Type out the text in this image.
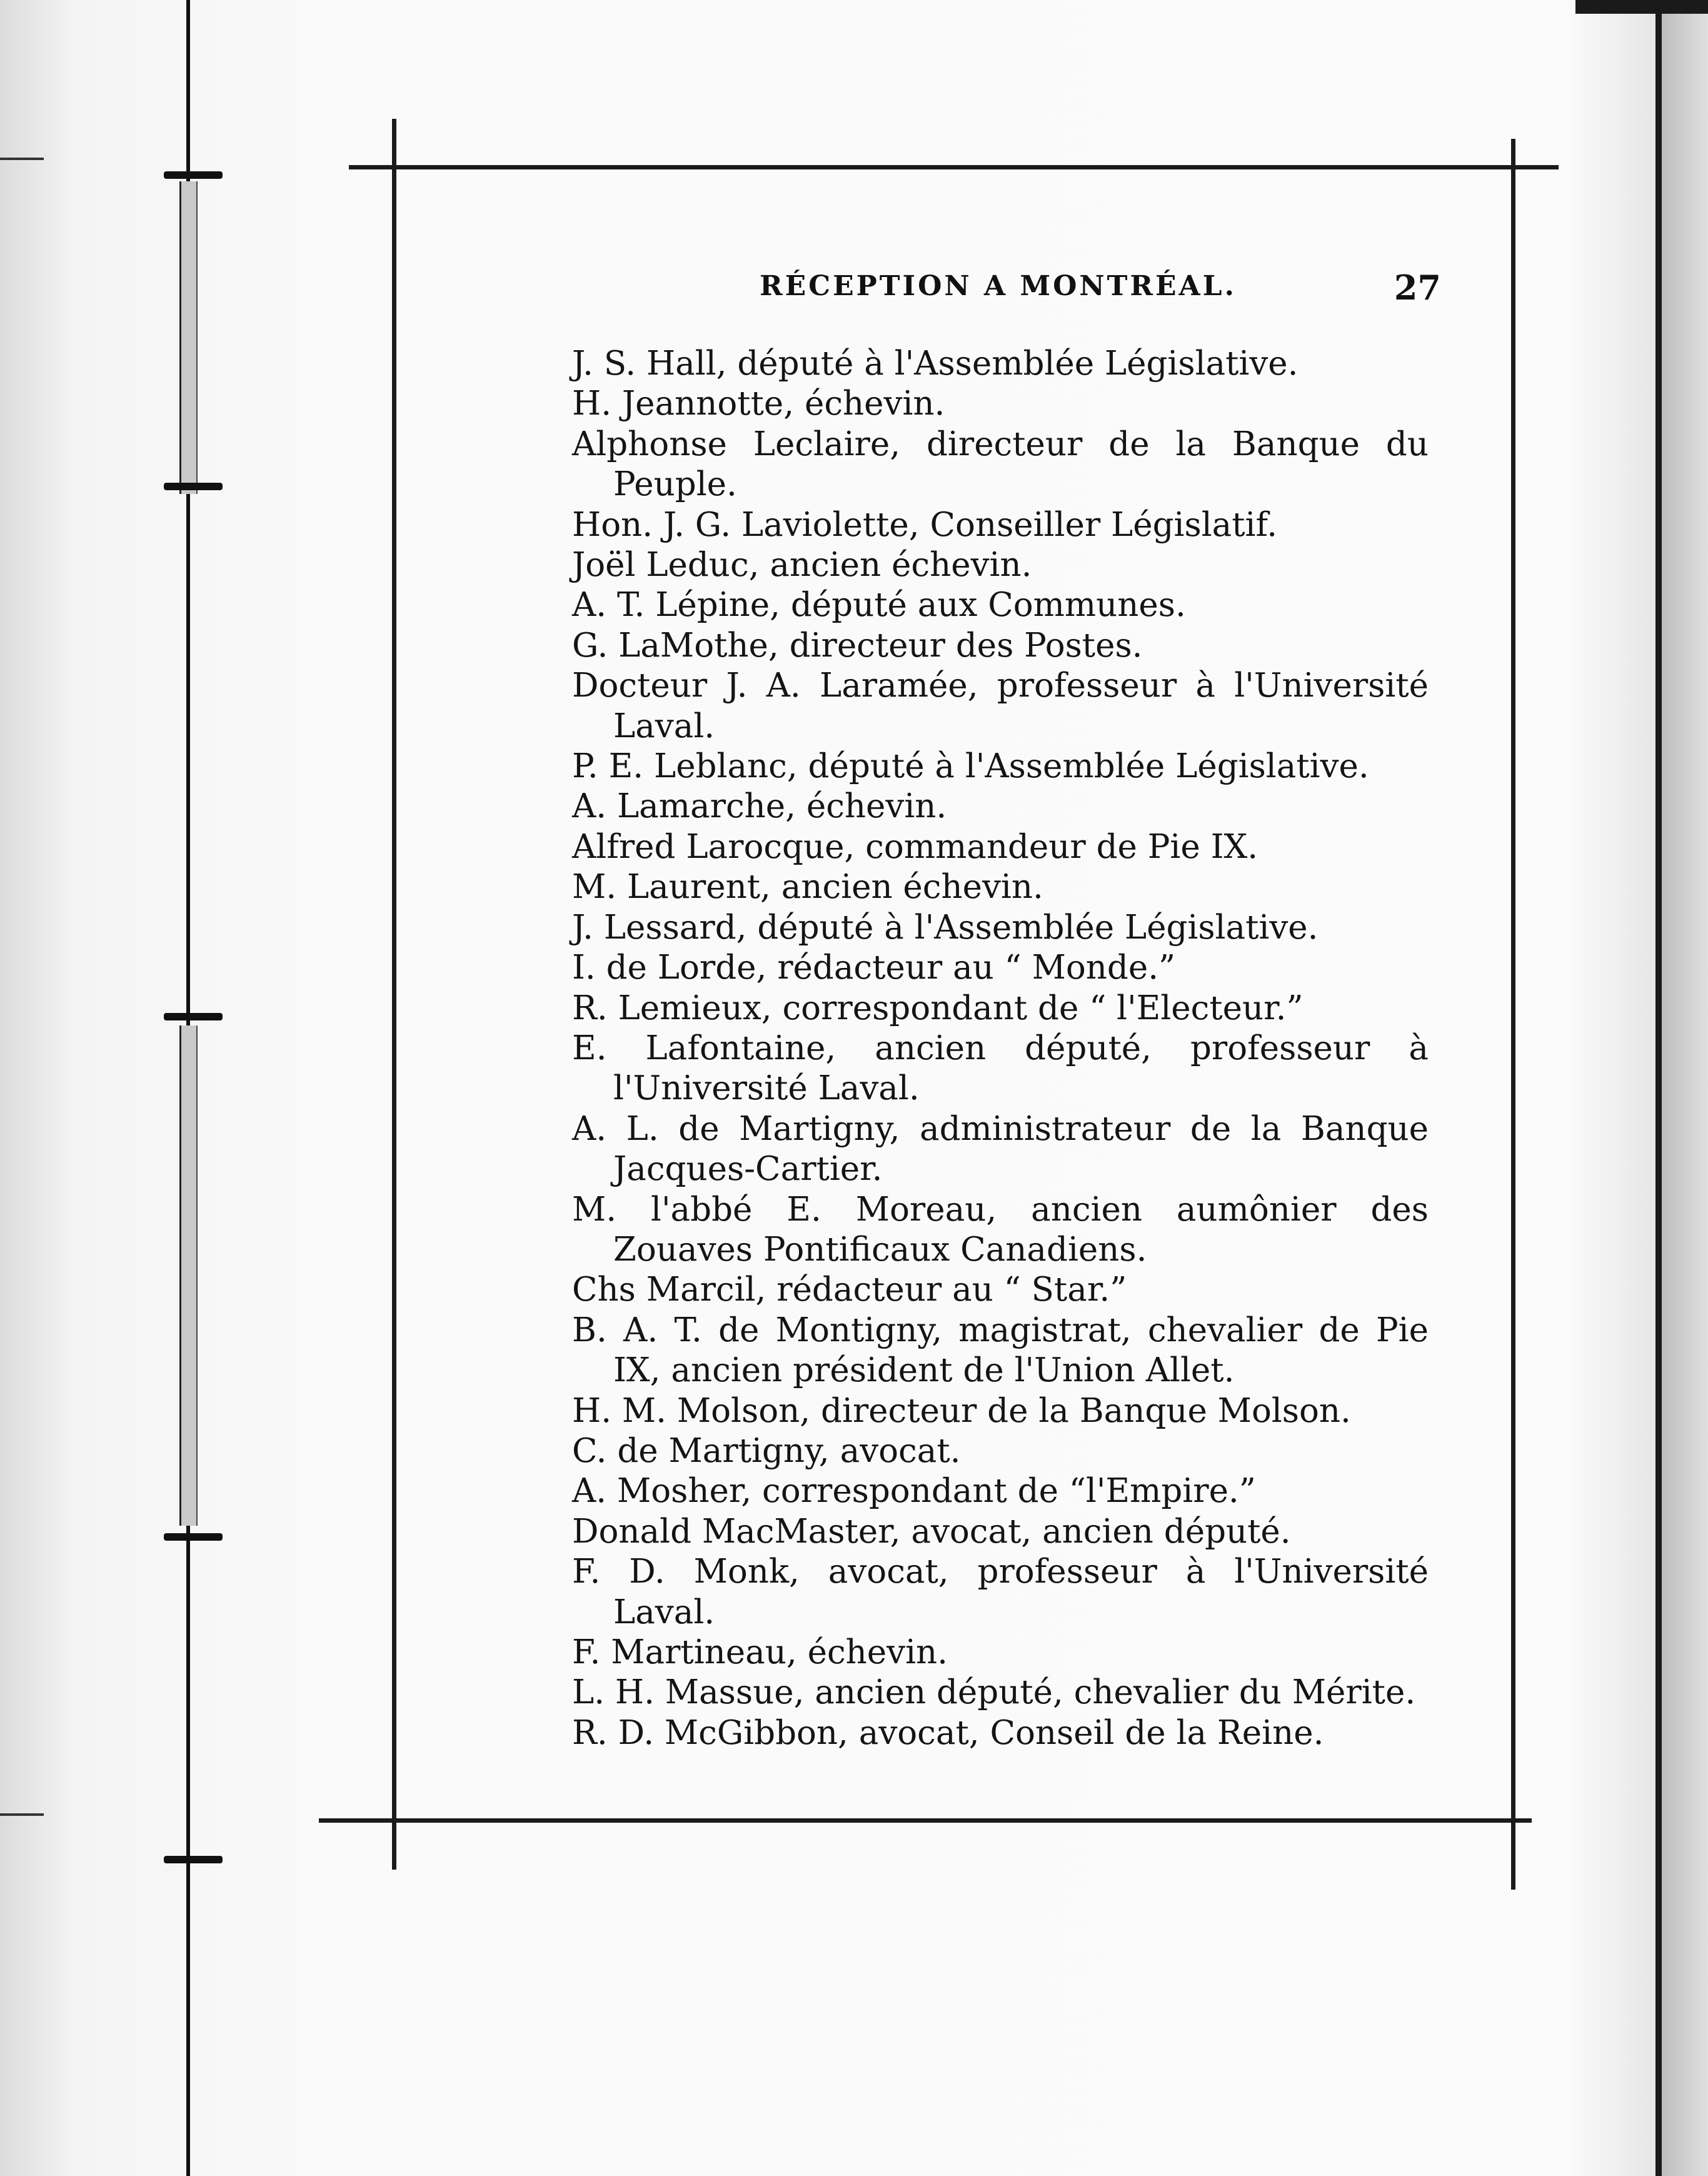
RÉCEPTION A MONTRÉAL.	27
J. S. Hall, député à l'Assemblée Législative.
H. Jeannotte, échevin.
Alphonse Leclaire, directeur de la Banque du Peuple.
Hon. J. G. Laviolette, Conseiller Législatif.
Joël Leduc, ancien échevin.
A. T. Lépine, député aux Communes.
G. LaMothe, directeur des Postes.
Docteur J. A. Laramée, professeur à l'Université Laval.
P. E. Leblanc, député à l'Assemblée Législative.
A. Lamarche, échevin.
Alfred Larocque, commandeur de Pie IX.
M. Laurent, ancien échevin.
J. Lessard, député à l'Assemblée Législative.
I. de Lorde, rédacteur au “ Monde.”
R. Lemieux, correspondant de “ l'Electeur.”
E. Lafontaine, ancien député, professeur à l'Université Laval.
A. L. de Martigny, administrateur de la Banque Jacques-Cartier.
M. l'abbé E. Moreau, ancien aumônier des Zouaves Pontificaux Canadiens.
Chs Marcil, rédacteur au “ Star.”
B. A. T. de Montigny, magistrat, chevalier de Pie IX, ancien président de l'Union Allet.
H. M. Molson, directeur de la Banque Molson.
C. de Martigny, avocat.
A. Mosher, correspondant de “l'Empire.”
Donald MacMaster, avocat, ancien député.
F. D. Monk, avocat, professeur à l'Université Laval.
F. Martineau, échevin.
L. H. Massue, ancien député, chevalier du Mérite.
R. D. McGibbon, avocat, Conseil de la Reine.
